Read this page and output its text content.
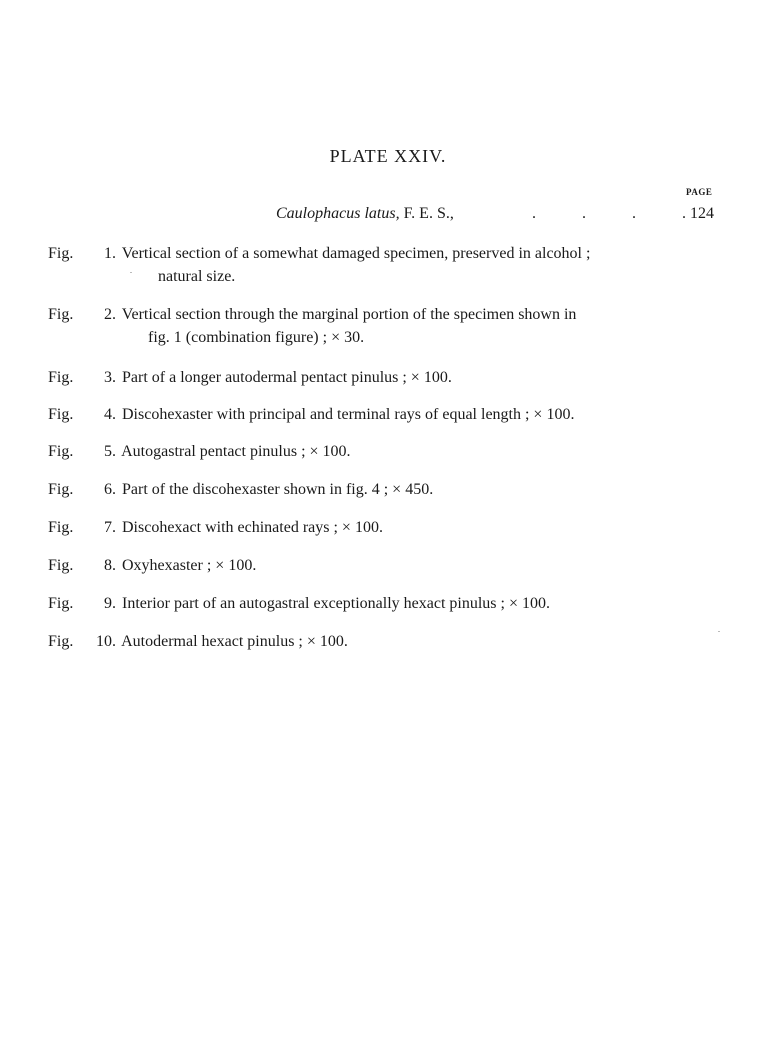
PLATE XXIV.
PAGE
Caulophacus latus, F. E. S.,	. . . . 124
Fig. 1. Vertical section of a somewhat damaged specimen, preserved in alcohol ;
natural size.
Fig. 2. Vertical section through the marginal portion of the specimen shown in
fig. 1 (combination figure) ; × 30.
Fig. 3. Part of a longer autodermal pentact pinulus ; × 100.
Fig. 4. Discohexaster with principal and terminal rays of equal length ; × 100.
Fig. 5. Autogastral pentact pinulus ; × 100.
Fig. 6. Part of the discohexaster shown in fig. 4 ; × 450.
Fig. 7. Discohexact with echinated rays ; × 100.
Fig. 8. Oxyhexaster ; × 100.
Fig. 9. Interior part of an autogastral exceptionally hexact pinulus ; × 100.
Fig. 10. Autodermal hexact pinulus ; × 100.
